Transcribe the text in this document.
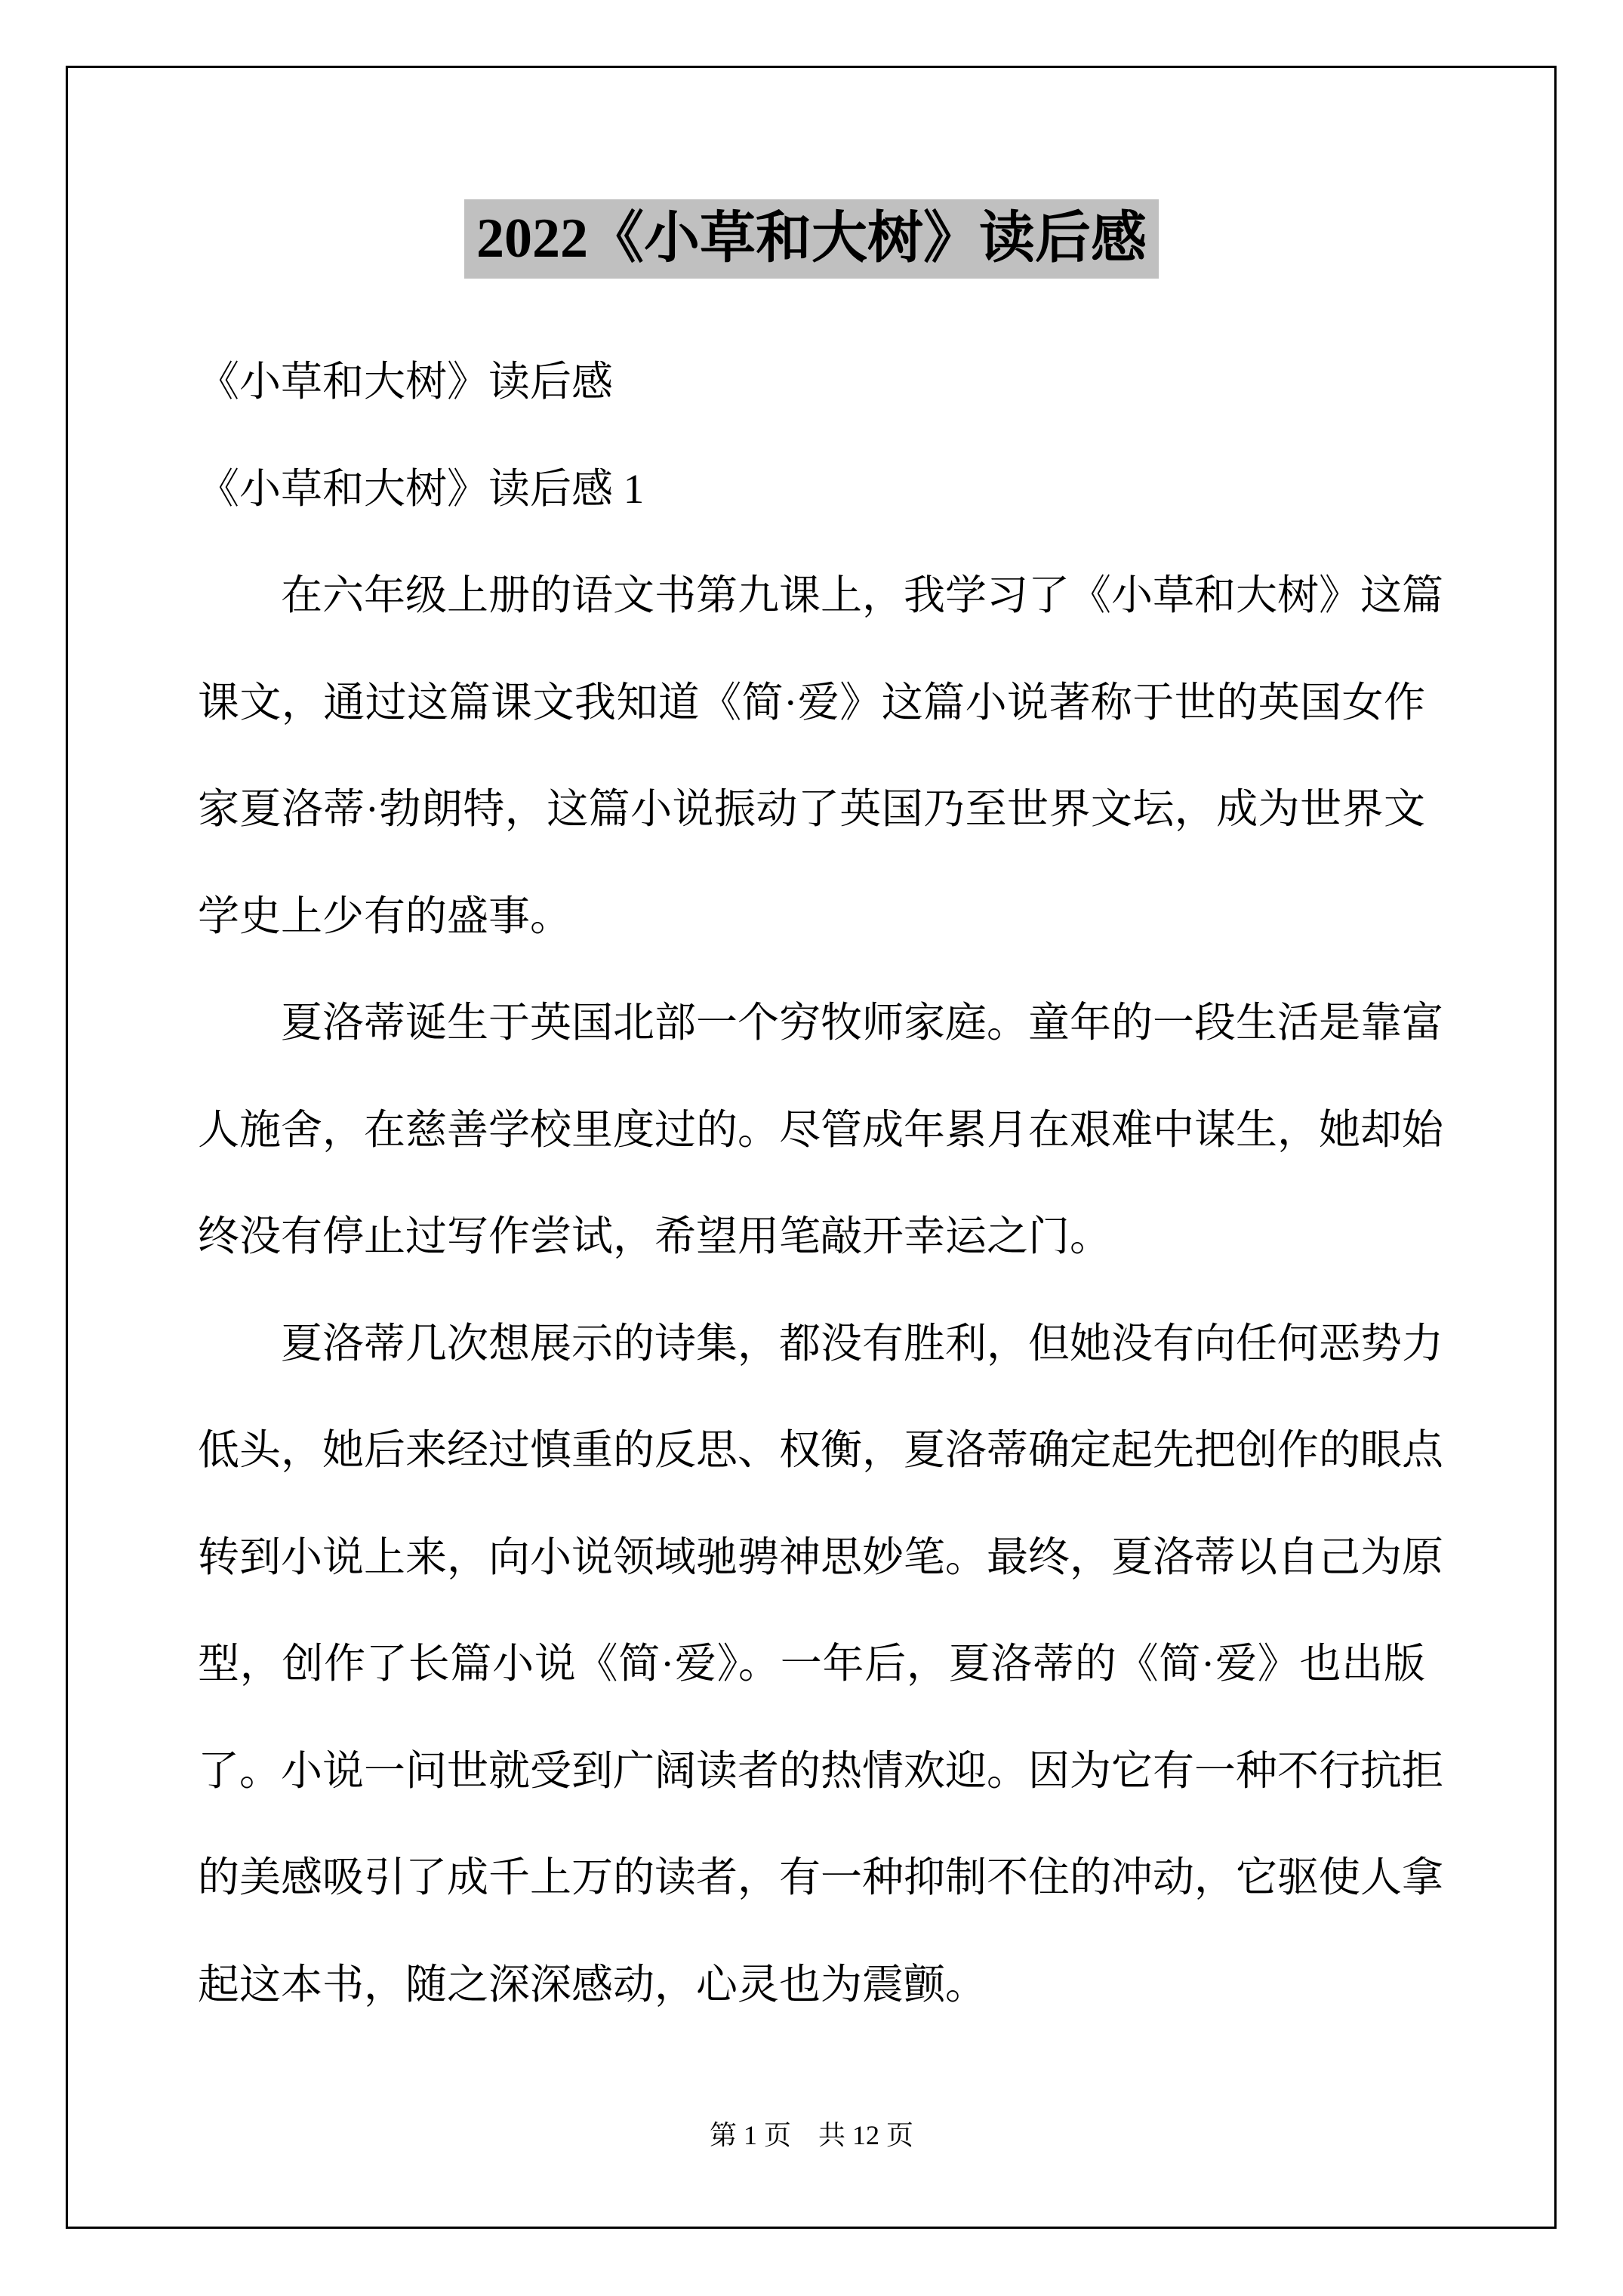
2022《小草和大树》读后感
《小草和大树》读后感
《小草和大树》读后感 1
在六年级上册的语文书第九课上，我学习了《小草和大树》这篇
课文，通过这篇课文我知道《简·爱》这篇小说著称于世的英国女作
家夏洛蒂·勃朗特，这篇小说振动了英国乃至世界文坛，成为世界文
学史上少有的盛事。
夏洛蒂诞生于英国北部一个穷牧师家庭。童年的一段生活是靠富
人施舍，在慈善学校里度过的。尽管成年累月在艰难中谋生，她却始
终没有停止过写作尝试，希望用笔敲开幸运之门。
夏洛蒂几次想展示的诗集，都没有胜利，但她没有向任何恶势力
低头，她后来经过慎重的反思、权衡，夏洛蒂确定起先把创作的眼点
转到小说上来，向小说领域驰骋神思妙笔。最终，夏洛蒂以自己为原
型，创作了长篇小说《简·爱》。一年后，夏洛蒂的《简·爱》也出版
了。小说一问世就受到广阔读者的热情欢迎。因为它有一种不行抗拒
的美感吸引了成千上万的读者，有一种抑制不住的冲动，它驱使人拿
起这本书，随之深深感动，心灵也为震颤。
第 1 页　共 12 页
